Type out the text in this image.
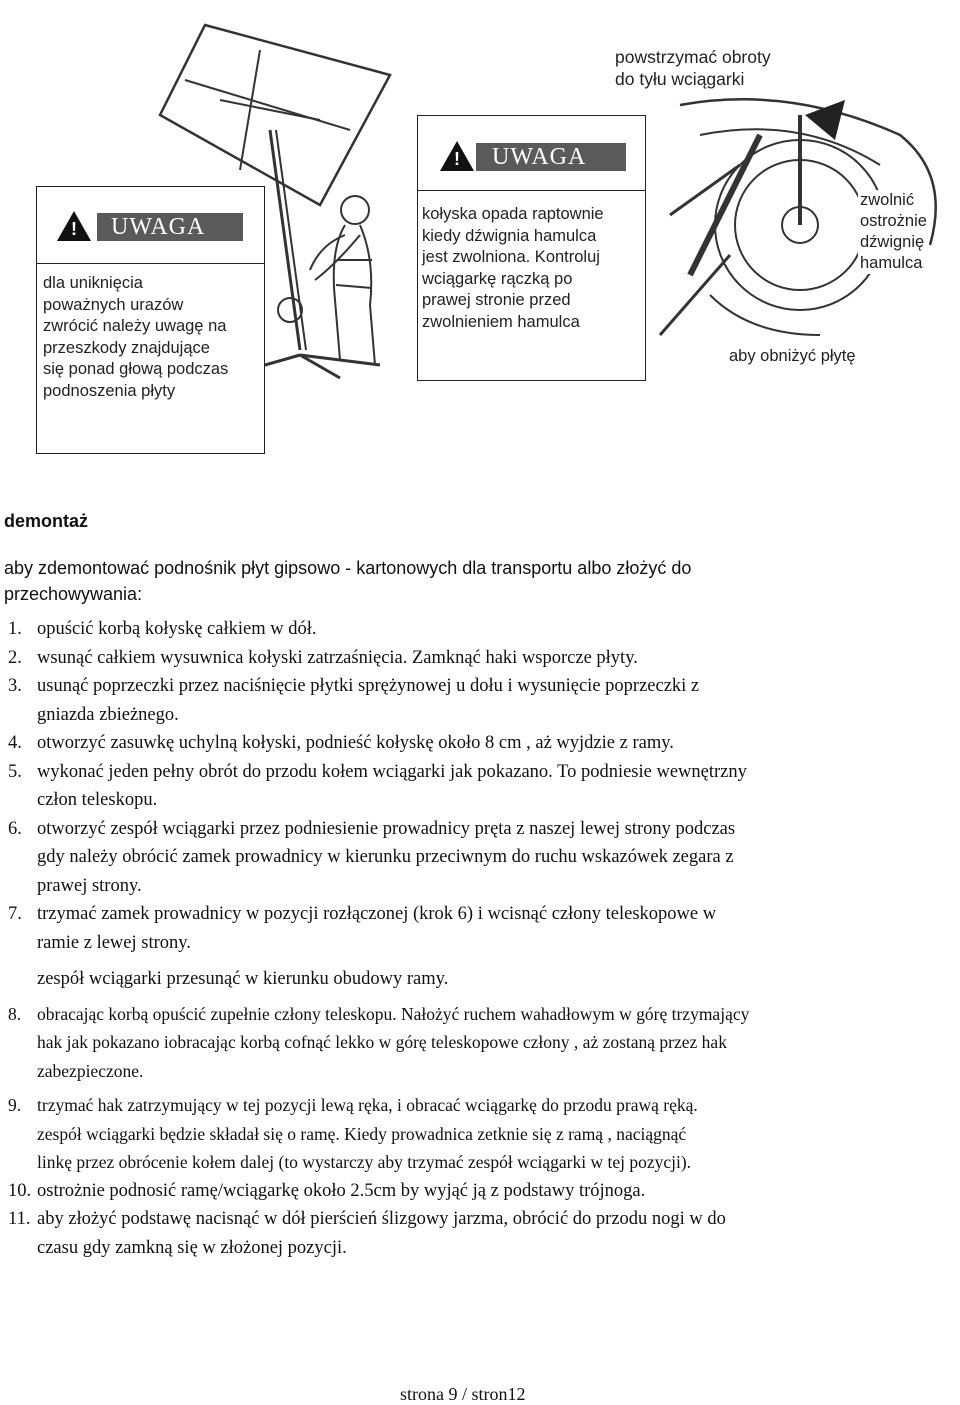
powstrzymać obroty
do tyłu wciągarki
UWAGA
!
dla uniknięcia
poważnych urazów
zwrócić należy uwagę na
przeszkody znajdujące
się ponad głową podczas
podnoszenia płyty
UWAGA
!
kołyska opada raptownie
kiedy dźwignia hamulca
jest zwolniona. Kontroluj
wciągarkę rączką po
prawej stronie przed
zwolnieniem hamulca
zwolnić
ostrożnie
dźwignię
hamulca
aby obniżyć płytę
demontaż
aby zdemontować podnośnik płyt gipsowo - kartonowych dla transportu albo złożyć do
przechowywania:
1. opuścić korbą kołyskę całkiem w dół.
2. wsunąć całkiem wysuwnica kołyski zatrzaśnięcia. Zamknąć haki wsporcze płyty.
3. usunąć poprzeczki przez naciśnięcie płytki sprężynowej u dołu i wysunięcie poprzeczki z
gniazda zbieżnego.
4. otworzyć zasuwkę uchylną kołyski, podnieść kołyskę około 8 cm , aż wyjdzie z ramy.
5. wykonać jeden pełny obrót do przodu kołem wciągarki jak pokazano. To podniesie wewnętrzny
człon teleskopu.
6. otworzyć zespół wciągarki przez podniesienie prowadnicy pręta z naszej lewej strony podczas
gdy należy obrócić zamek prowadnicy w kierunku przeciwnym do ruchu wskazówek zegara z
prawej strony.
7. trzymać zamek prowadnicy w pozycji rozłączonej (krok 6) i wcisnąć człony teleskopowe w
ramie z lewej strony.
zespół wciągarki przesunąć w kierunku obudowy ramy.
8. obracając korbą opuścić zupełnie człony teleskopu. Nałożyć ruchem wahadłowym w górę trzymający
hak jak pokazano iobracając korbą cofnąć lekko w górę teleskopowe człony , aż zostaną przez hak
zabezpieczone.
9. trzymać hak zatrzymujący w tej pozycji lewą ręka, i obracać wciągarkę do przodu prawą ręką.
zespół wciągarki będzie składał się o ramę. Kiedy prowadnica zetknie się z ramą , naciągnąć
linkę przez obrócenie kołem dalej (to wystarczy aby trzymać zespół wciągarki w tej pozycji).
10. ostrożnie podnosić ramę/wciągarkę około 2.5cm by wyjąć ją z podstawy trójnoga.
11. aby złożyć podstawę nacisnąć w dół pierścień ślizgowy jarzma, obrócić do przodu nogi w do
czasu gdy zamkną się w złożonej pozycji.
strona 9 / stron12
